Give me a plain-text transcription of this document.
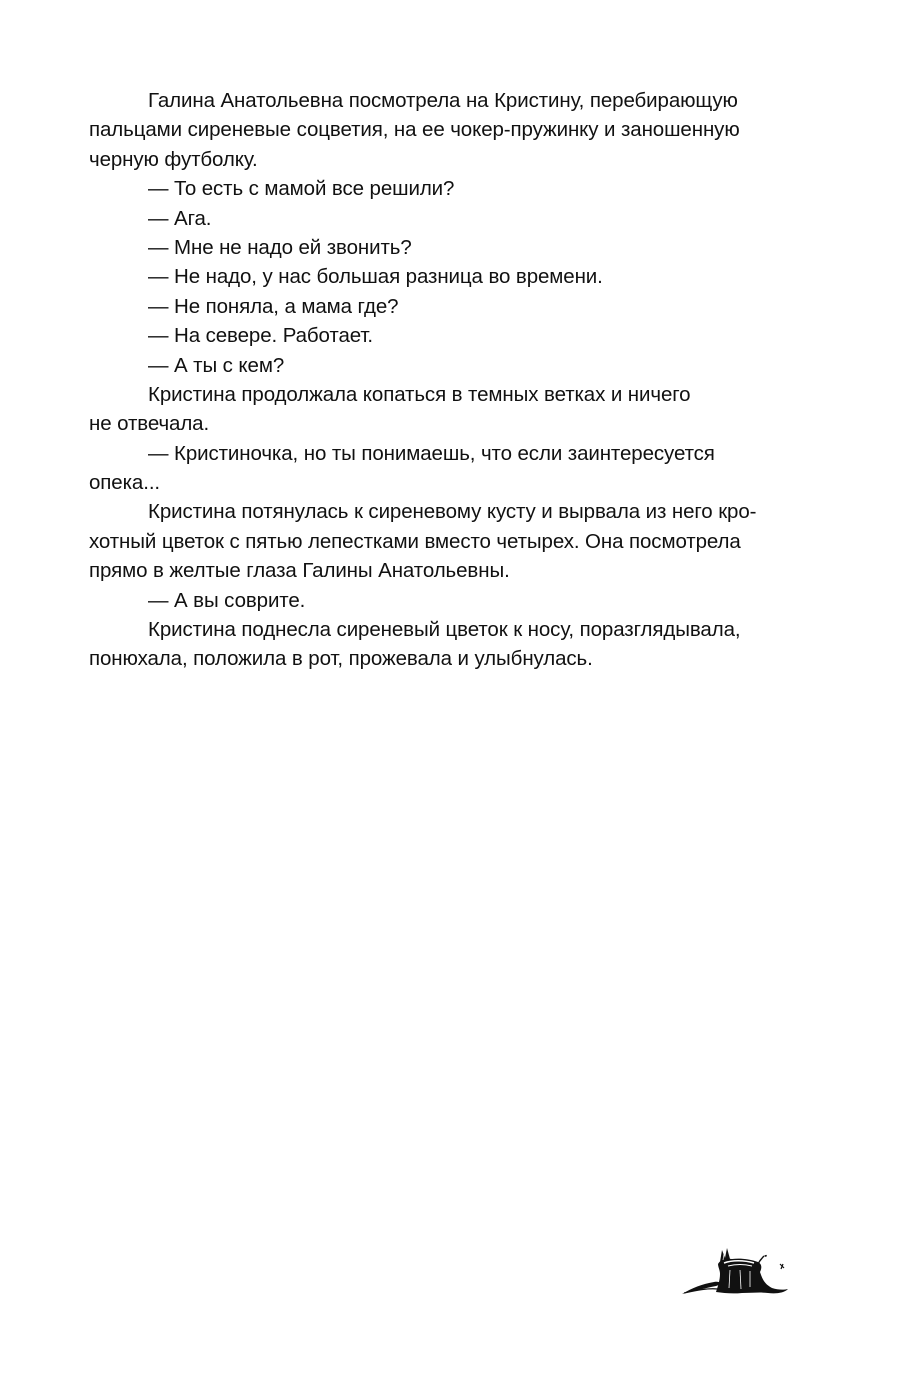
Галина Анатольевна посмотрела на Кристину, перебирающую
пальцами сиреневые соцветия, на ее чокер-пружинку и заношенную
черную футболку.
— То есть с мамой все решили?
— Ага.
— Мне не надо ей звонить?
— Не надо, у нас большая разница во времени.
— Не поняла, а мама где?
— На севере. Работает.
— А ты с кем?
Кристина продолжала копаться в темных ветках и ничего
не отвечала.
— Кристиночка, но ты понимаешь, что если заинтересуется
опека...
Кристина потянулась к сиреневому кусту и вырвала из него кро-
хотный цветок с пятью лепестками вместо четырех. Она посмотрела
прямо в желтые глаза Галины Анатольевны.
— А вы соврите.
Кристина поднесла сиреневый цветок к носу, поразглядывала,
понюхала, положила в рот, прожевала и улыбнулась.
